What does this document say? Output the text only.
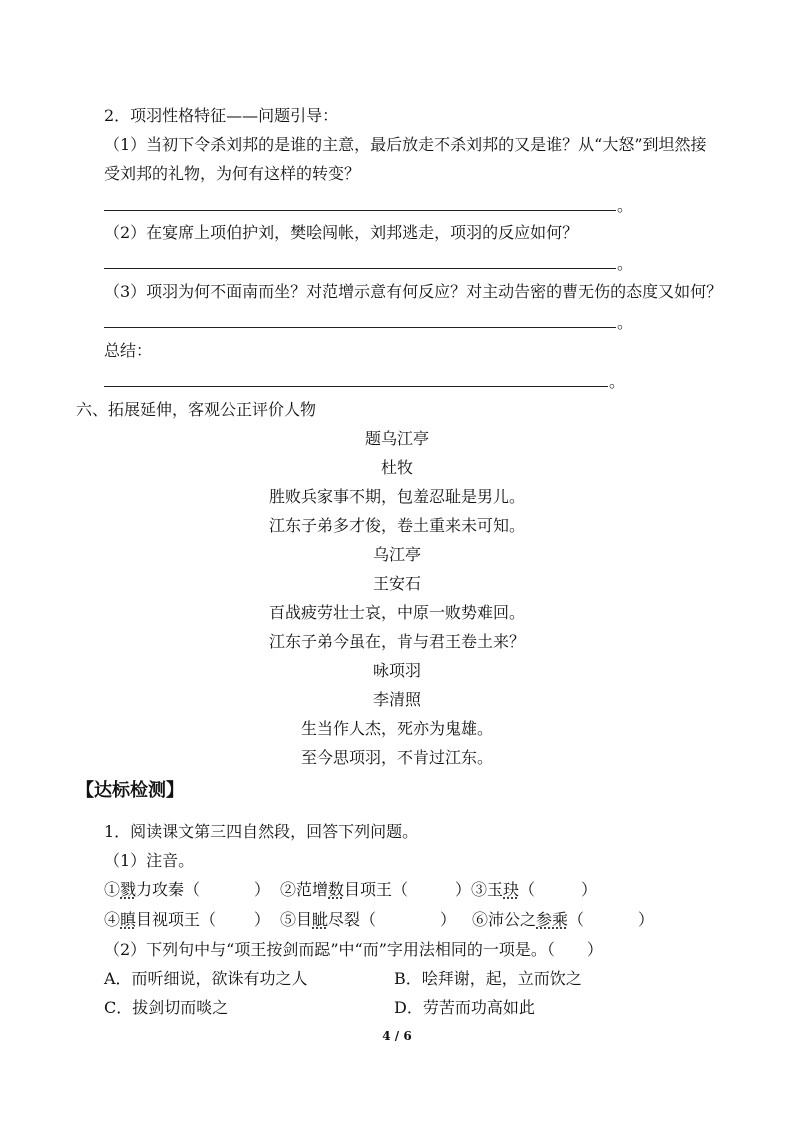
2．项羽性格特征——问题引导：
（1）当初下令杀刘邦的是谁的主意，最后放走不杀刘邦的又是谁？从“大怒”到坦然接
受刘邦的礼物，为何有这样的转变？
。
（2）在宴席上项伯护刘，樊哙闯帐，刘邦逃走，项羽的反应如何？
。
（3）项羽为何不面南而坐？对范增示意有何反应？对主动告密的曹无伤的态度又如何？
。
总结：
。
六、拓展延伸，客观公正评价人物
题乌江亭
杜牧
胜败兵家事不期，包羞忍耻是男儿。
江东子弟多才俊，卷土重来未可知。
乌江亭
王安石
百战疲劳壮士哀，中原一败势难回。
江东子弟今虽在，肯与君王卷土来？
咏项羽
李清照
生当作人杰，死亦为鬼雄。
至今思项羽，不肯过江东。
【达标检测】
1．阅读课文第三四自然段，回答下列问题。
（1）注音。
①戮力攻秦（	） ②范增数目项王（	） ③玉玦（	）
④瞋目视项王（ ） ⑤目眦尽裂（	） ⑥沛公之参乘（	）
（2）下列句中与“项王按剑而跽”中“而”字用法相同的一项是。（　　）
A．而听细说，欲诛有功之人	B．哙拜谢，起，立而饮之
C．拔剑切而啖之	D．劳苦而功高如此
4 / 6
